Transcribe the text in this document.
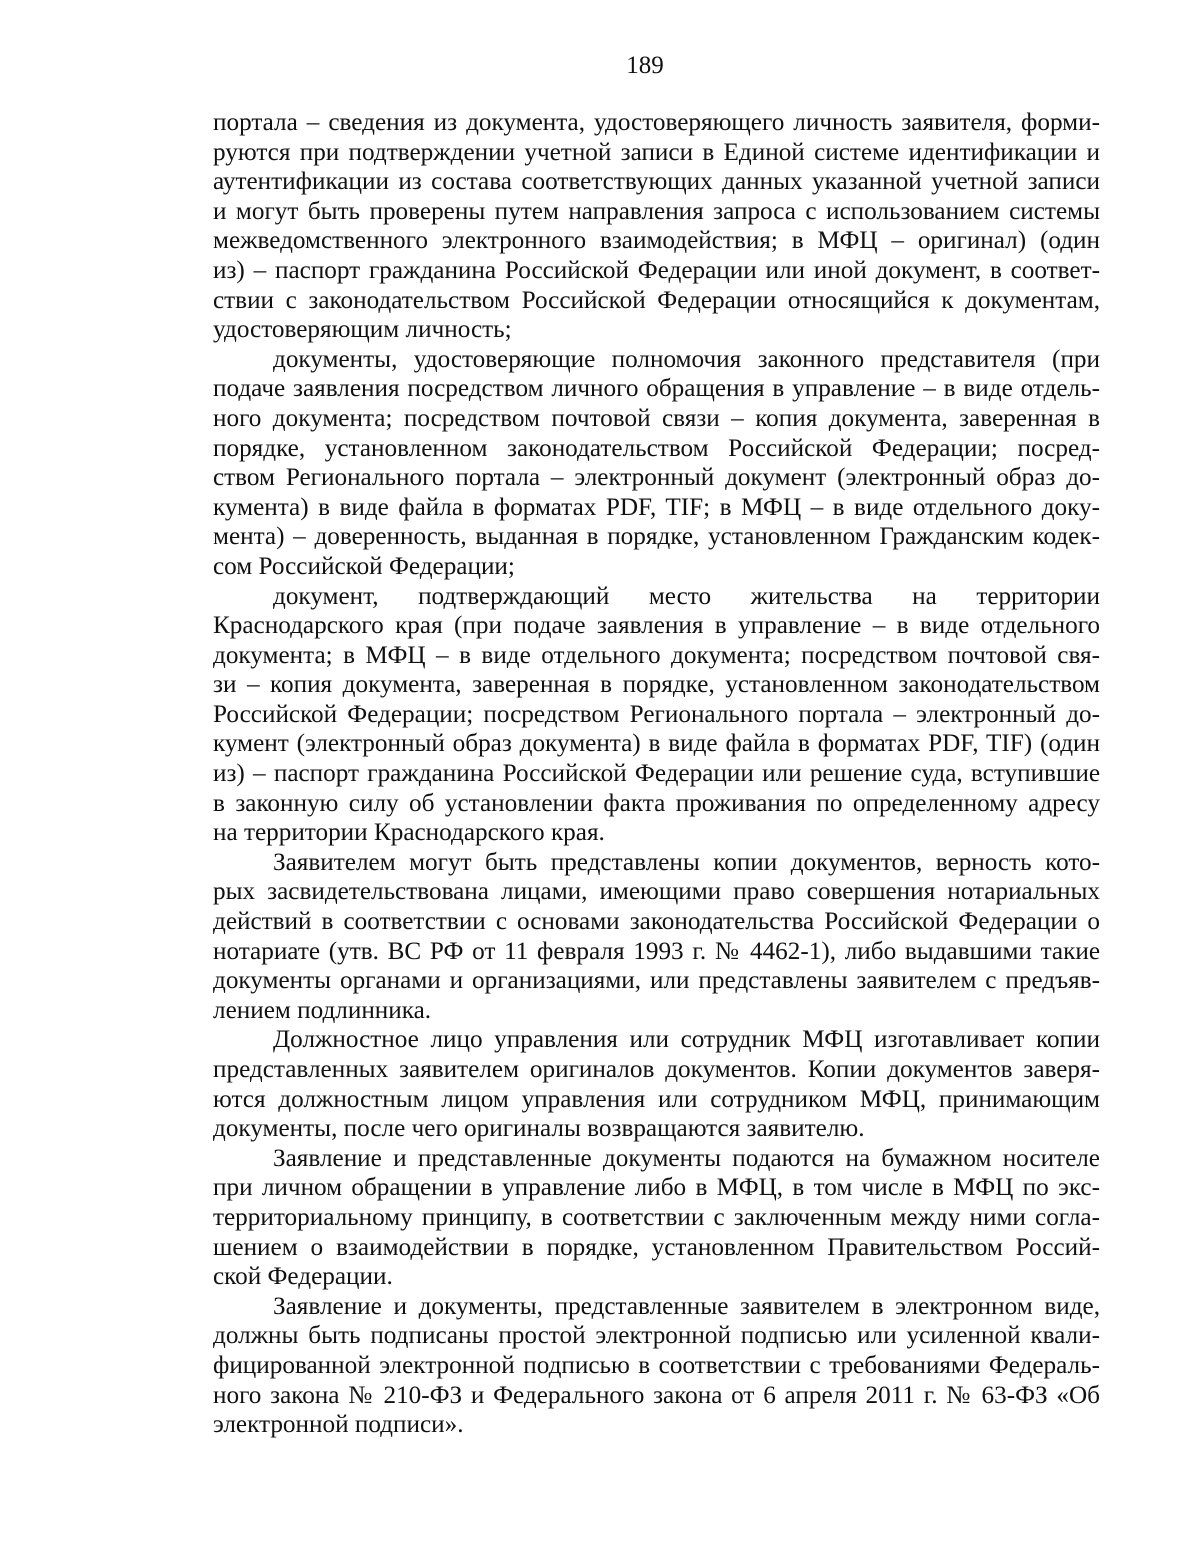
189
портала – сведения из документа, удостоверяющего личность заявителя, форми-
руются при подтверждении учетной записи в Единой системе идентификации и
аутентификации из состава соответствующих данных указанной учетной записи
и могут быть проверены путем направления запроса с использованием системы
межведомственного электронного взаимодействия; в МФЦ – оригинал) (один
из) – паспорт гражданина Российской Федерации или иной документ, в соответ-
ствии с законодательством Российской Федерации относящийся к документам,
удостоверяющим личность;
документы, удостоверяющие полномочия законного представителя (при
подаче заявления посредством личного обращения в управление – в виде отдель-
ного документа; посредством почтовой связи – копия документа, заверенная в
порядке, установленном законодательством Российской Федерации; посред-
ством Регионального портала – электронный документ (электронный образ до-
кумента) в виде файла в форматах PDF, TIF; в МФЦ – в виде отдельного доку-
мента) – доверенность, выданная в порядке, установленном Гражданским кодек-
сом Российской Федерации;
документ, подтверждающий место жительства на территории
Краснодарского края (при подаче заявления в управление – в виде отдельного
документа; в МФЦ – в виде отдельного документа; посредством почтовой свя-
зи – копия документа, заверенная в порядке, установленном законодательством
Российской Федерации; посредством Регионального портала – электронный до-
кумент (электронный образ документа) в виде файла в форматах PDF, TIF) (один
из) – паспорт гражданина Российской Федерации или решение суда, вступившие
в законную силу об установлении факта проживания по определенному адресу
на территории Краснодарского края.
Заявителем могут быть представлены копии документов, верность кото-
рых засвидетельствована лицами, имеющими право совершения нотариальных
действий в соответствии с основами законодательства Российской Федерации о
нотариате (утв. ВС РФ от 11 февраля 1993 г. № 4462-1), либо выдавшими такие
документы органами и организациями, или представлены заявителем с предъяв-
лением подлинника.
Должностное лицо управления или сотрудник МФЦ изготавливает копии
представленных заявителем оригиналов документов. Копии документов заверя-
ются должностным лицом управления или сотрудником МФЦ, принимающим
документы, после чего оригиналы возвращаются заявителю.
Заявление и представленные документы подаются на бумажном носителе
при личном обращении в управление либо в МФЦ, в том числе в МФЦ по экс-
территориальному принципу, в соответствии с заключенным между ними согла-
шением о взаимодействии в порядке, установленном Правительством Россий-
ской Федерации.
Заявление и документы, представленные заявителем в электронном виде,
должны быть подписаны простой электронной подписью или усиленной квали-
фицированной электронной подписью в соответствии с требованиями Федераль-
ного закона № 210-ФЗ и Федерального закона от 6 апреля 2011 г. № 63-ФЗ «Об
электронной подписи».
